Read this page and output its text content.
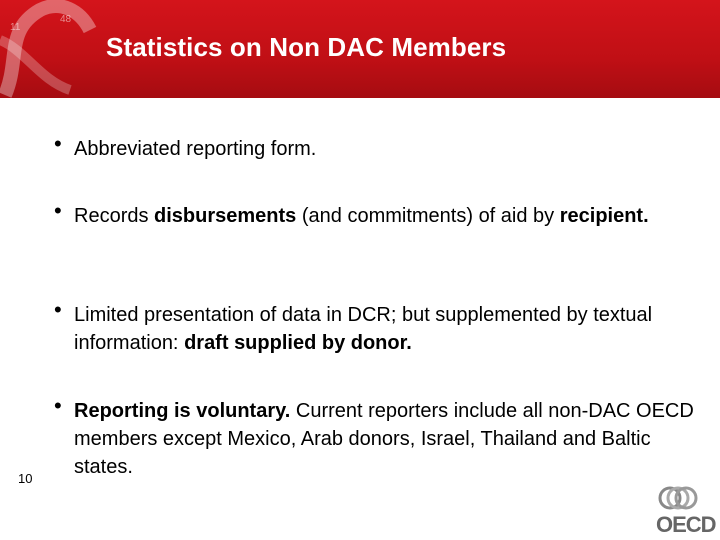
11
48
Statistics on Non DAC Members
• Abbreviated reporting form.
• Records disbursements (and commitments) of aid by recipient.
• Limited presentation of data in DCR; but supplemented by textual information: draft supplied by donor.
• Reporting is voluntary. Current reporters include all non-DAC OECD members except Mexico, Arab donors, Israel, Thailand and Baltic states.
10
OECD
